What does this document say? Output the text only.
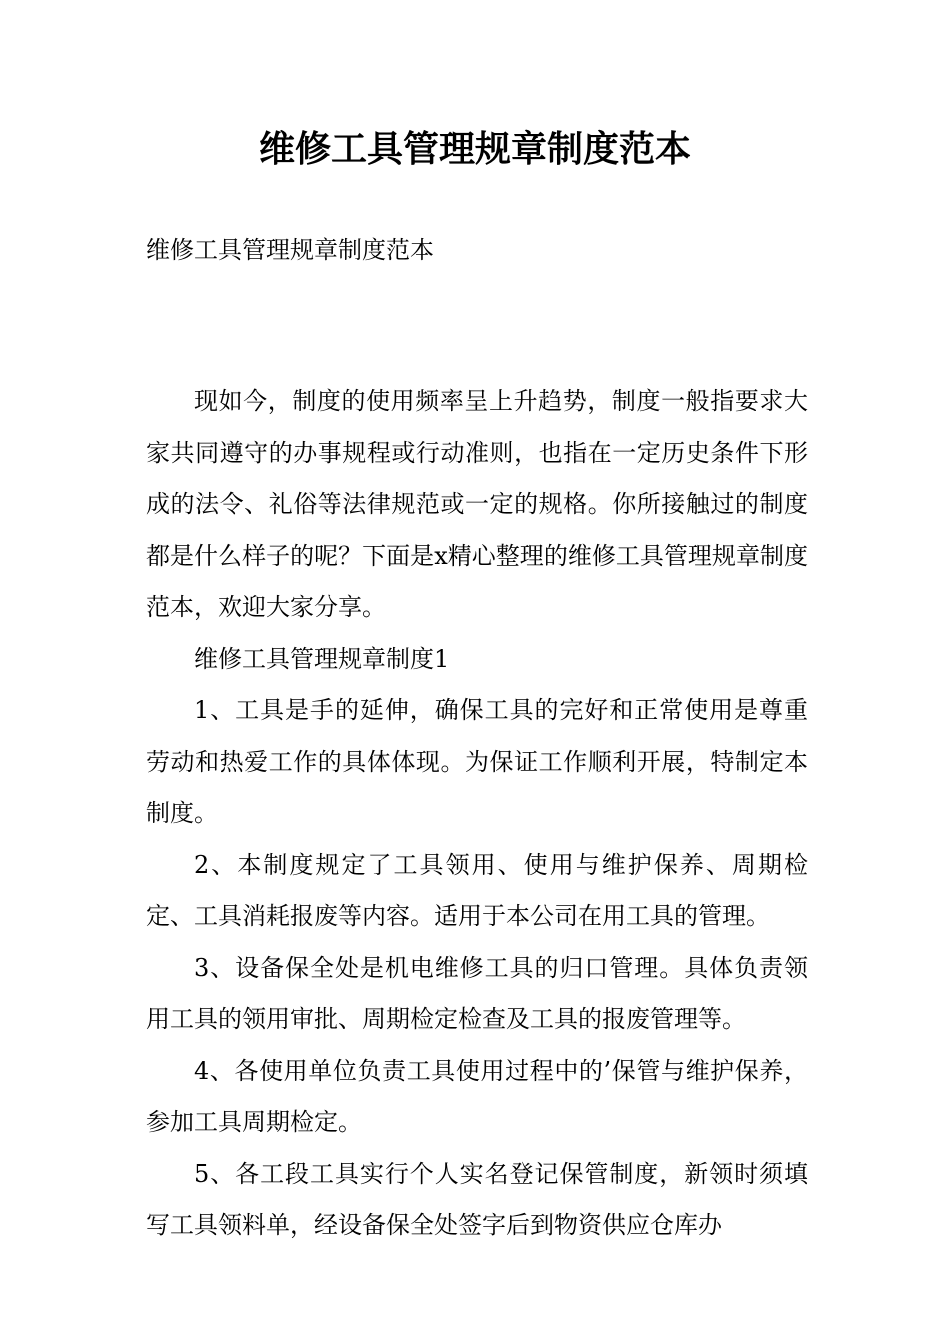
维修工具管理规章制度范本
维修工具管理规章制度范本

现如今，制度的使用频率呈上升趋势，制度一般指要求大家共同遵守的办事规程或行动准则，也指在一定历史条件下形成的法令、礼俗等法律规范或一定的规格。你所接触过的制度都是什么样子的呢？下面是x精心整理的维修工具管理规章制度范本，欢迎大家分享。

维修工具管理规章制度1

1、工具是手的延伸，确保工具的完好和正常使用是尊重劳动和热爱工作的具体体现。为保证工作顺利开展，特制定本制度。

2、本制度规定了工具领用、使用与维护保养、周期检定、工具消耗报废等内容。适用于本公司在用工具的管理。

3、设备保全处是机电维修工具的归口管理。具体负责领用工具的领用审批、周期检定检查及工具的报废管理等。

4、各使用单位负责工具使用过程中的’保管与维护保养，参加工具周期检定。

5、各工段工具实行个人实名登记保管制度，新领时须填写工具领料单，经设备保全处签字后到物资供应仓库办
